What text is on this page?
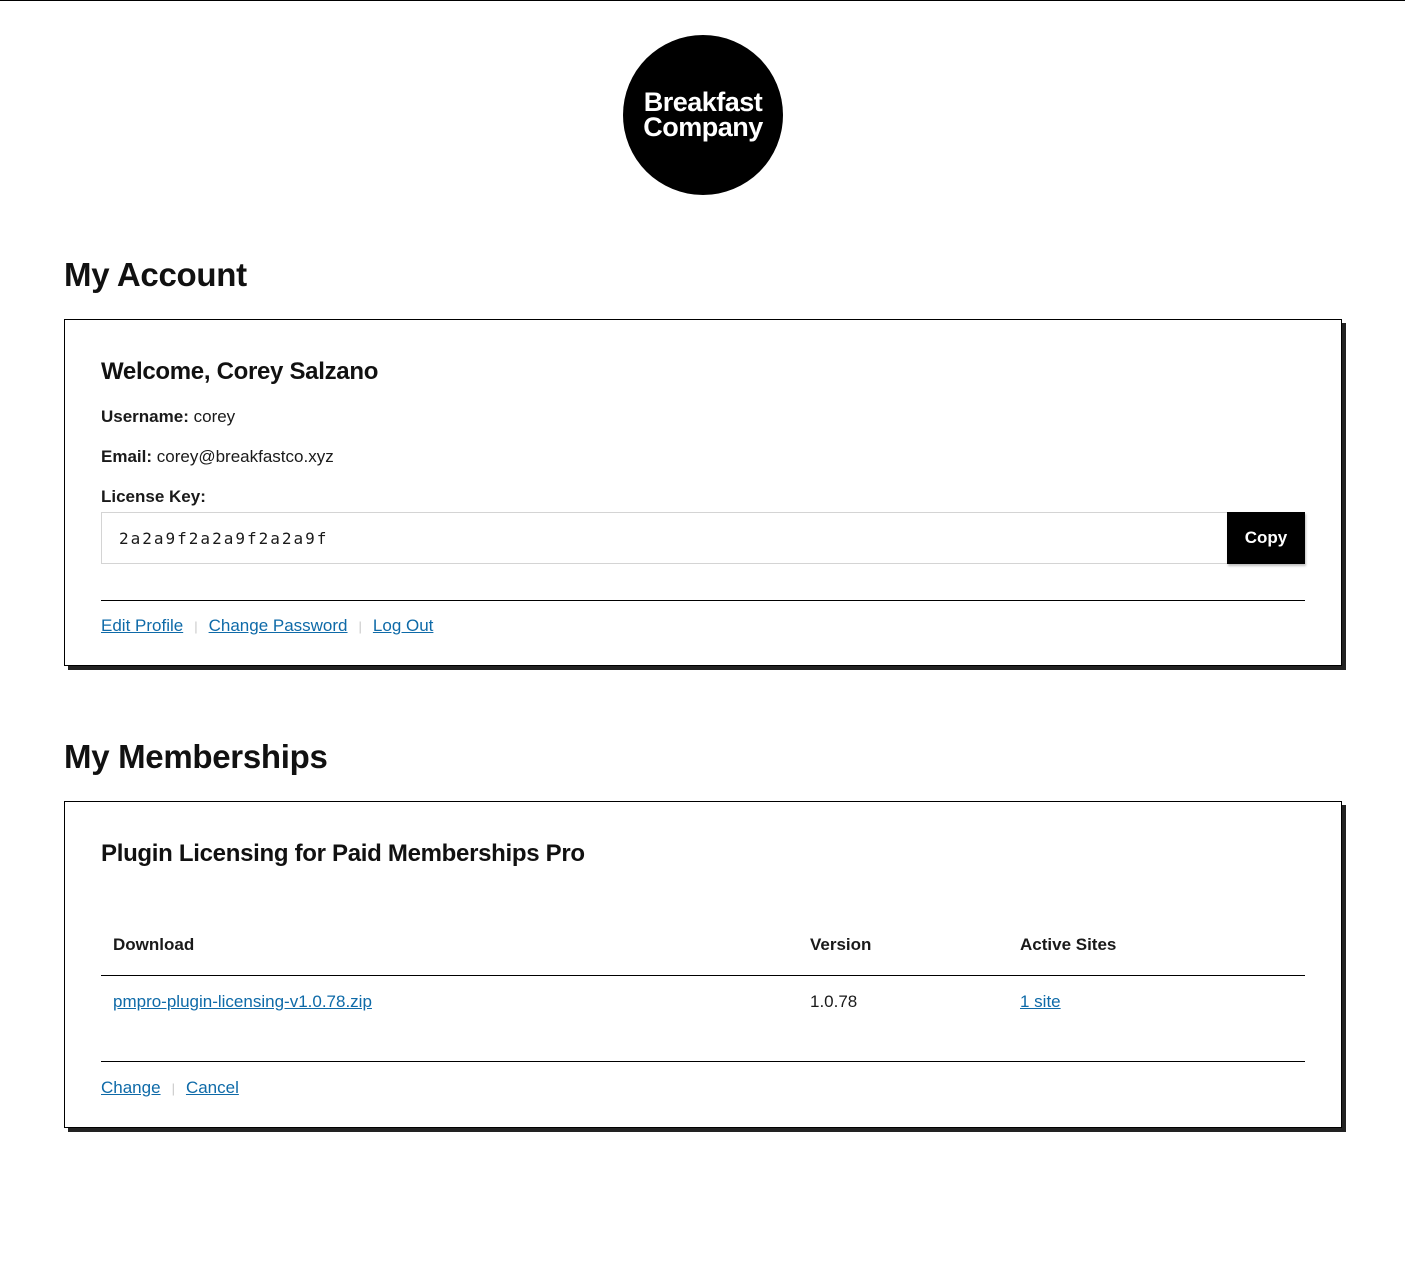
Breakfast
Company
My Account
Welcome, Corey Salzano
Username: corey
Email: corey@breakfastco.xyz
License Key:
2a2a9f2a2a9f2a2a9f
Copy
Edit Profile | Change Password | Log Out
My Memberships
Plugin Licensing for Paid Memberships Pro
Download	Version	Active Sites
pmpro-plugin-licensing-v1.0.78.zip	1.0.78	1 site
Change | Cancel
